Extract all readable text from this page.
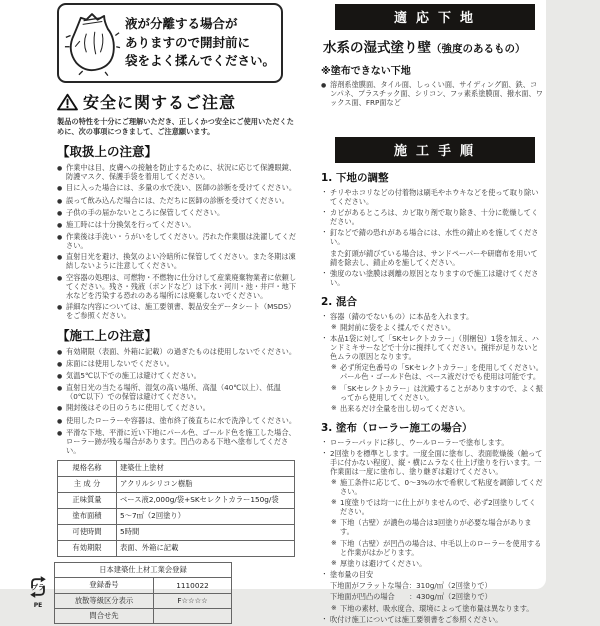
液が分離する場合が
ありますので開封前に
袋をよく揉んでください。
安全に関するご注意

製品の特性を十分にご理解いただき、正しくかつ安全にご使用いただくために、次の事項につきまして、ご注意願います。

【取扱上の注意】
● 作業中は目、皮膚への接触を防止するために、状況に応じて保護眼鏡、防護マスク、保護手袋を着用してください。
● 目に入った場合には、多量の水で洗い、医師の診断を受けてください。
● 誤って飲み込んだ場合には、ただちに医師の診断を受けてください。
● 子供の手の届かないところに保管してください。
● 施工時には十分換気を行ってください。
● 作業後は手洗い・うがいをしてください。汚れた作業服は洗濯してください。
● 直射日光を避け、換気のよい冷暗所に保管してください。また冬期は凍結しないように注意してください。
● 空容器の処理は、可燃物・不燃物に仕分けして産業廃棄物業者に依頼してください。残さ・残液（ボンドなど）は下水・河川・池・井戸・地下水などを汚染する恐れのある場所には廃棄しないでください。
● 詳細な内容については、施工要領書、製品安全データシート（MSDS）をご参照ください。
【施工上の注意】
● 有効期限（表面、外箱に記載）の過ぎたものは使用しないでください。
● 床面には使用しないでください。
● 気温5℃以下での施工は避けてください。
● 直射日光の当たる場所、湿気の高い場所、高温（40℃以上）、低温（0℃以下）での保管は避けてください。
● 開封後はその日のうちに使用してください。
● 使用したローラーや容器は、塗布終了後直ちに水で洗浄してください。
● 平滑な下地、平滑に近い下地にパール色、ゴールド色を施工した場合、ローラー跡が残る場合があります。凹凸のある下地へ塗布してください。
規格名称	建築仕上塗材
主 成 分	アクリルシリコン樹脂
正味質量	ベース液2,000g/袋+SKセレクトカラー150g/袋
塗布面積	5〜7㎡（2回塗り）
可使時間	5時間
有効期限	表面、外箱に記載
プラ
PE
日本建築仕上材工業会登録	
登録番号	1110022
放散等級区分表示	F☆☆☆☆
問合せ先	
適応下地
水系の湿式塗り壁（強度のあるもの）
※塗布できない下地
● 溶剤系塗膜面、タイル面、しっくい面、サイディング面、鉄、コンパネ、プラスチック面、シリコン、フッ素系塗膜面、撥水面、ワックス面、FRP面など
施工手順
1. 下地の調整
・ チリやホコリなどの付着物は刷毛やホウキなどを使って取り除いてください。
・ カビがあるところは、カビ取り剤で取り除き、十分に乾燥してください。
・ 釘などで錆の恐れがある場合には、水性の錆止めを施してください。
また釘頭が錆びている場合は、サンドペーパーや研磨布を用いて錆を除去し、錆止めを施してください。
・ 強度のない塗膜は剥離の原因となりますので施工は避けてください。
2. 混合
・ 容器（錆のでないもの）に本品を入れます。
※ 開封前に袋をよく揉んでください。
・ 本品1袋に対して「SKセレクトカラー」（別梱包）1袋を加え、ハンドミキサーなどで十分に撹拌してください。撹拌が足りないと色ムラの原因となります。
※ 必ず所定色番号の「SKセレクトカラー」を使用してください。パール色・ゴールド色は、ベース液だけでも使用は可能です。
※ 「SKセレクトカラー」は沈殿することがありますので、よく振ってから使用してください。
※ 出来るだけ全量を出し切ってください。
3. 塗布（ローラー施工の場合）
・ ローラーパッドに移し、ウールローラーで塗布します。
・ 2回塗りを標準とします。一度全面に塗布し、表面乾燥後（触って手に付かない程度）、縦・横にムラなく仕上げ塗りを行います。一作業面は一度に塗布し、塗り継ぎは避けてください。
※ 施工条件に応じて、0〜3%の水で希釈して粘度を調節してください。
※ 1度塗りでは均一に仕上がりませんので、必ず2回塗りしてください。
※ 下地（古壁）が濃色の場合は3回塗りが必要な場合があります。
※ 下地（古壁）が凹凸の場合は、中毛以上のローラーを使用すると作業がはかどります。
※ 厚塗りは避けてください。
・ 塗布量の目安
下地面がフラットな場合：310g/㎡（2回塗りで）
下地面が凹凸の場合　　：430g/㎡（2回塗りで）
※ 下地の素材、吸水度合、環境によって塗布量は異なります。
・ 吹付け施工については施工要領書をご参照ください。
